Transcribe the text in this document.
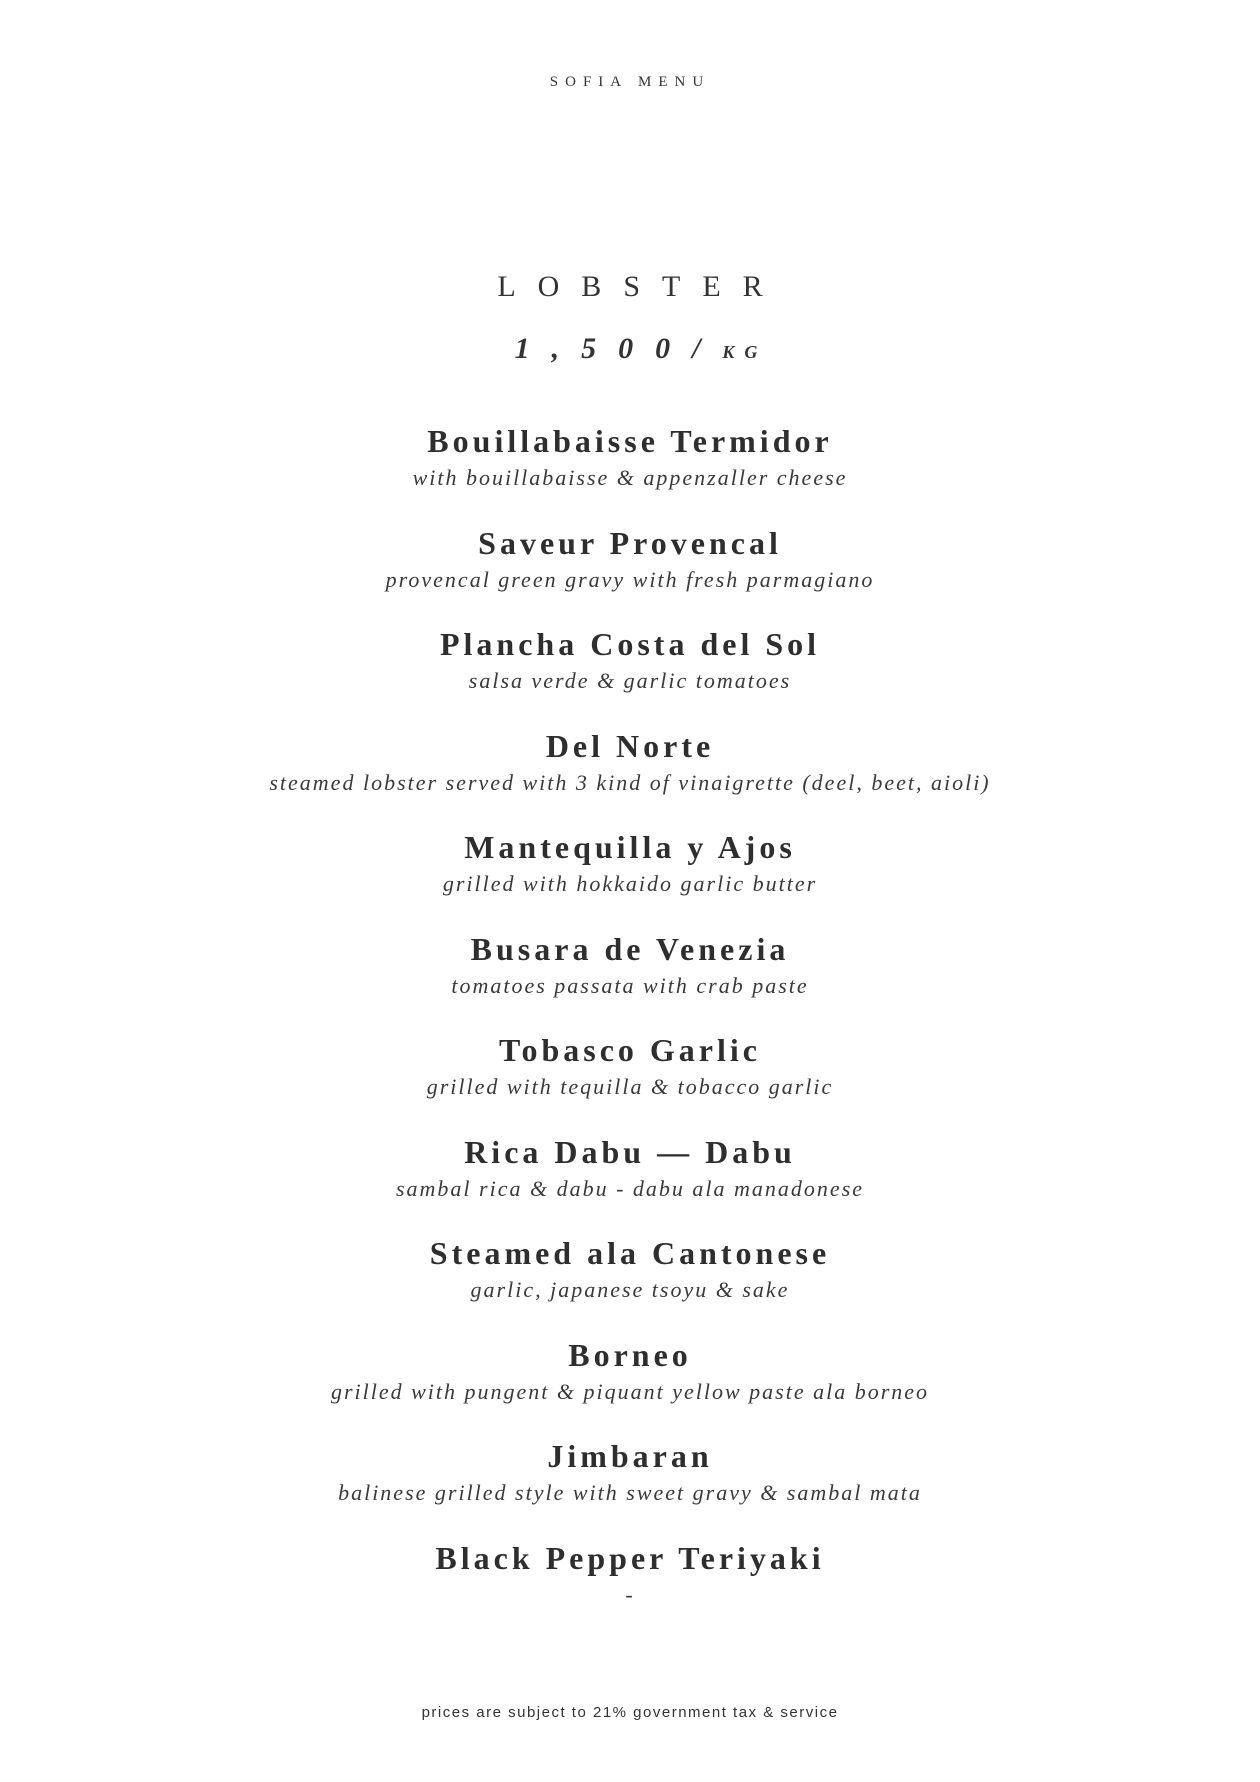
SOFIA MENU
LOBSTER
1,500/KG
Bouillabaisse Termidor
with bouillabaisse & appenzaller cheese
Saveur Provencal
provencal green gravy with fresh parmagiano
Plancha Costa del Sol
salsa verde & garlic tomatoes
Del Norte
steamed lobster served with 3 kind of vinaigrette (deel, beet, aioli)
Mantequilla y Ajos
grilled with hokkaido garlic butter
Busara de Venezia
tomatoes passata with crab paste
Tobasco Garlic
grilled with tequilla & tobacco garlic
Rica Dabu — Dabu
sambal rica & dabu - dabu ala manadonese
Steamed ala Cantonese
garlic, japanese tsoyu & sake
Borneo
grilled with pungent & piquant yellow paste ala borneo
Jimbaran
balinese grilled style with sweet gravy & sambal mata
Black Pepper Teriyaki
-
prices are subject to 21% government tax & service
